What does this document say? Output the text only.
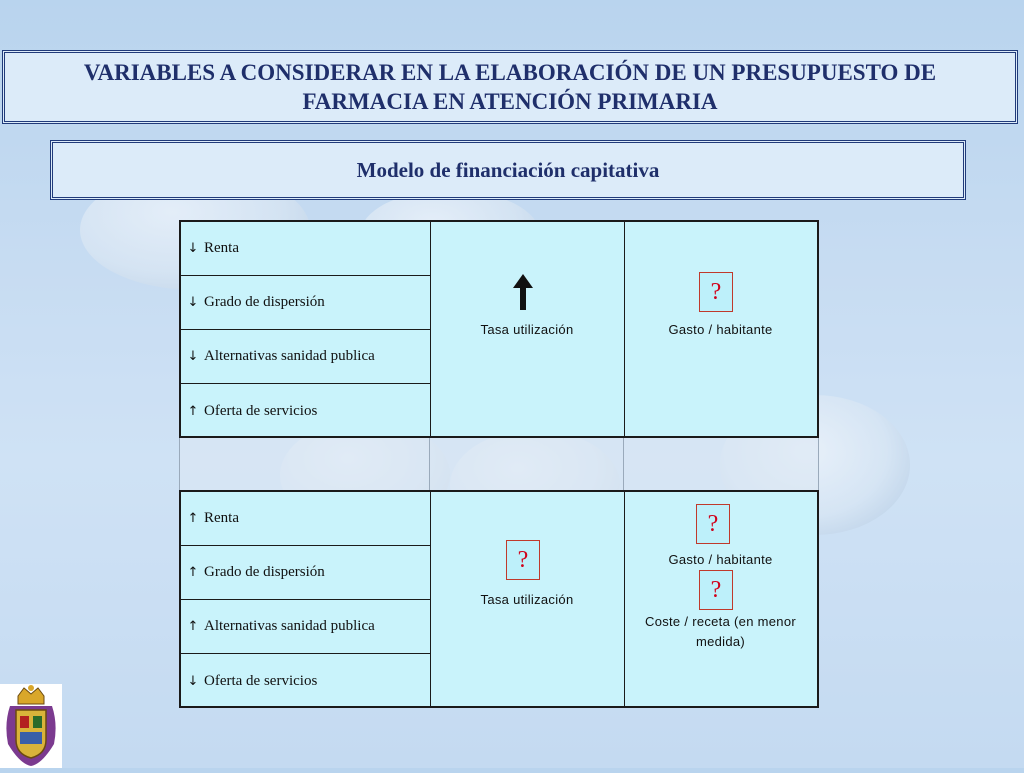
VARIABLES A CONSIDERAR EN LA ELABORACIÓN DE UN PRESUPUESTO DE FARMACIA EN ATENCIÓN PRIMARIA
Modelo de financiación capitativa
↓ Renta
↓ Grado de dispersión
↓ Alternativas sanidad publica
↑ Oferta de servicios
Tasa utilización
?
Gasto / habitante
↑ Renta
↑ Grado de dispersión
↑ Alternativas sanidad publica
↓ Oferta de servicios
?
Tasa utilización
?
Gasto / habitante
?
Coste / receta (en menor medida)
